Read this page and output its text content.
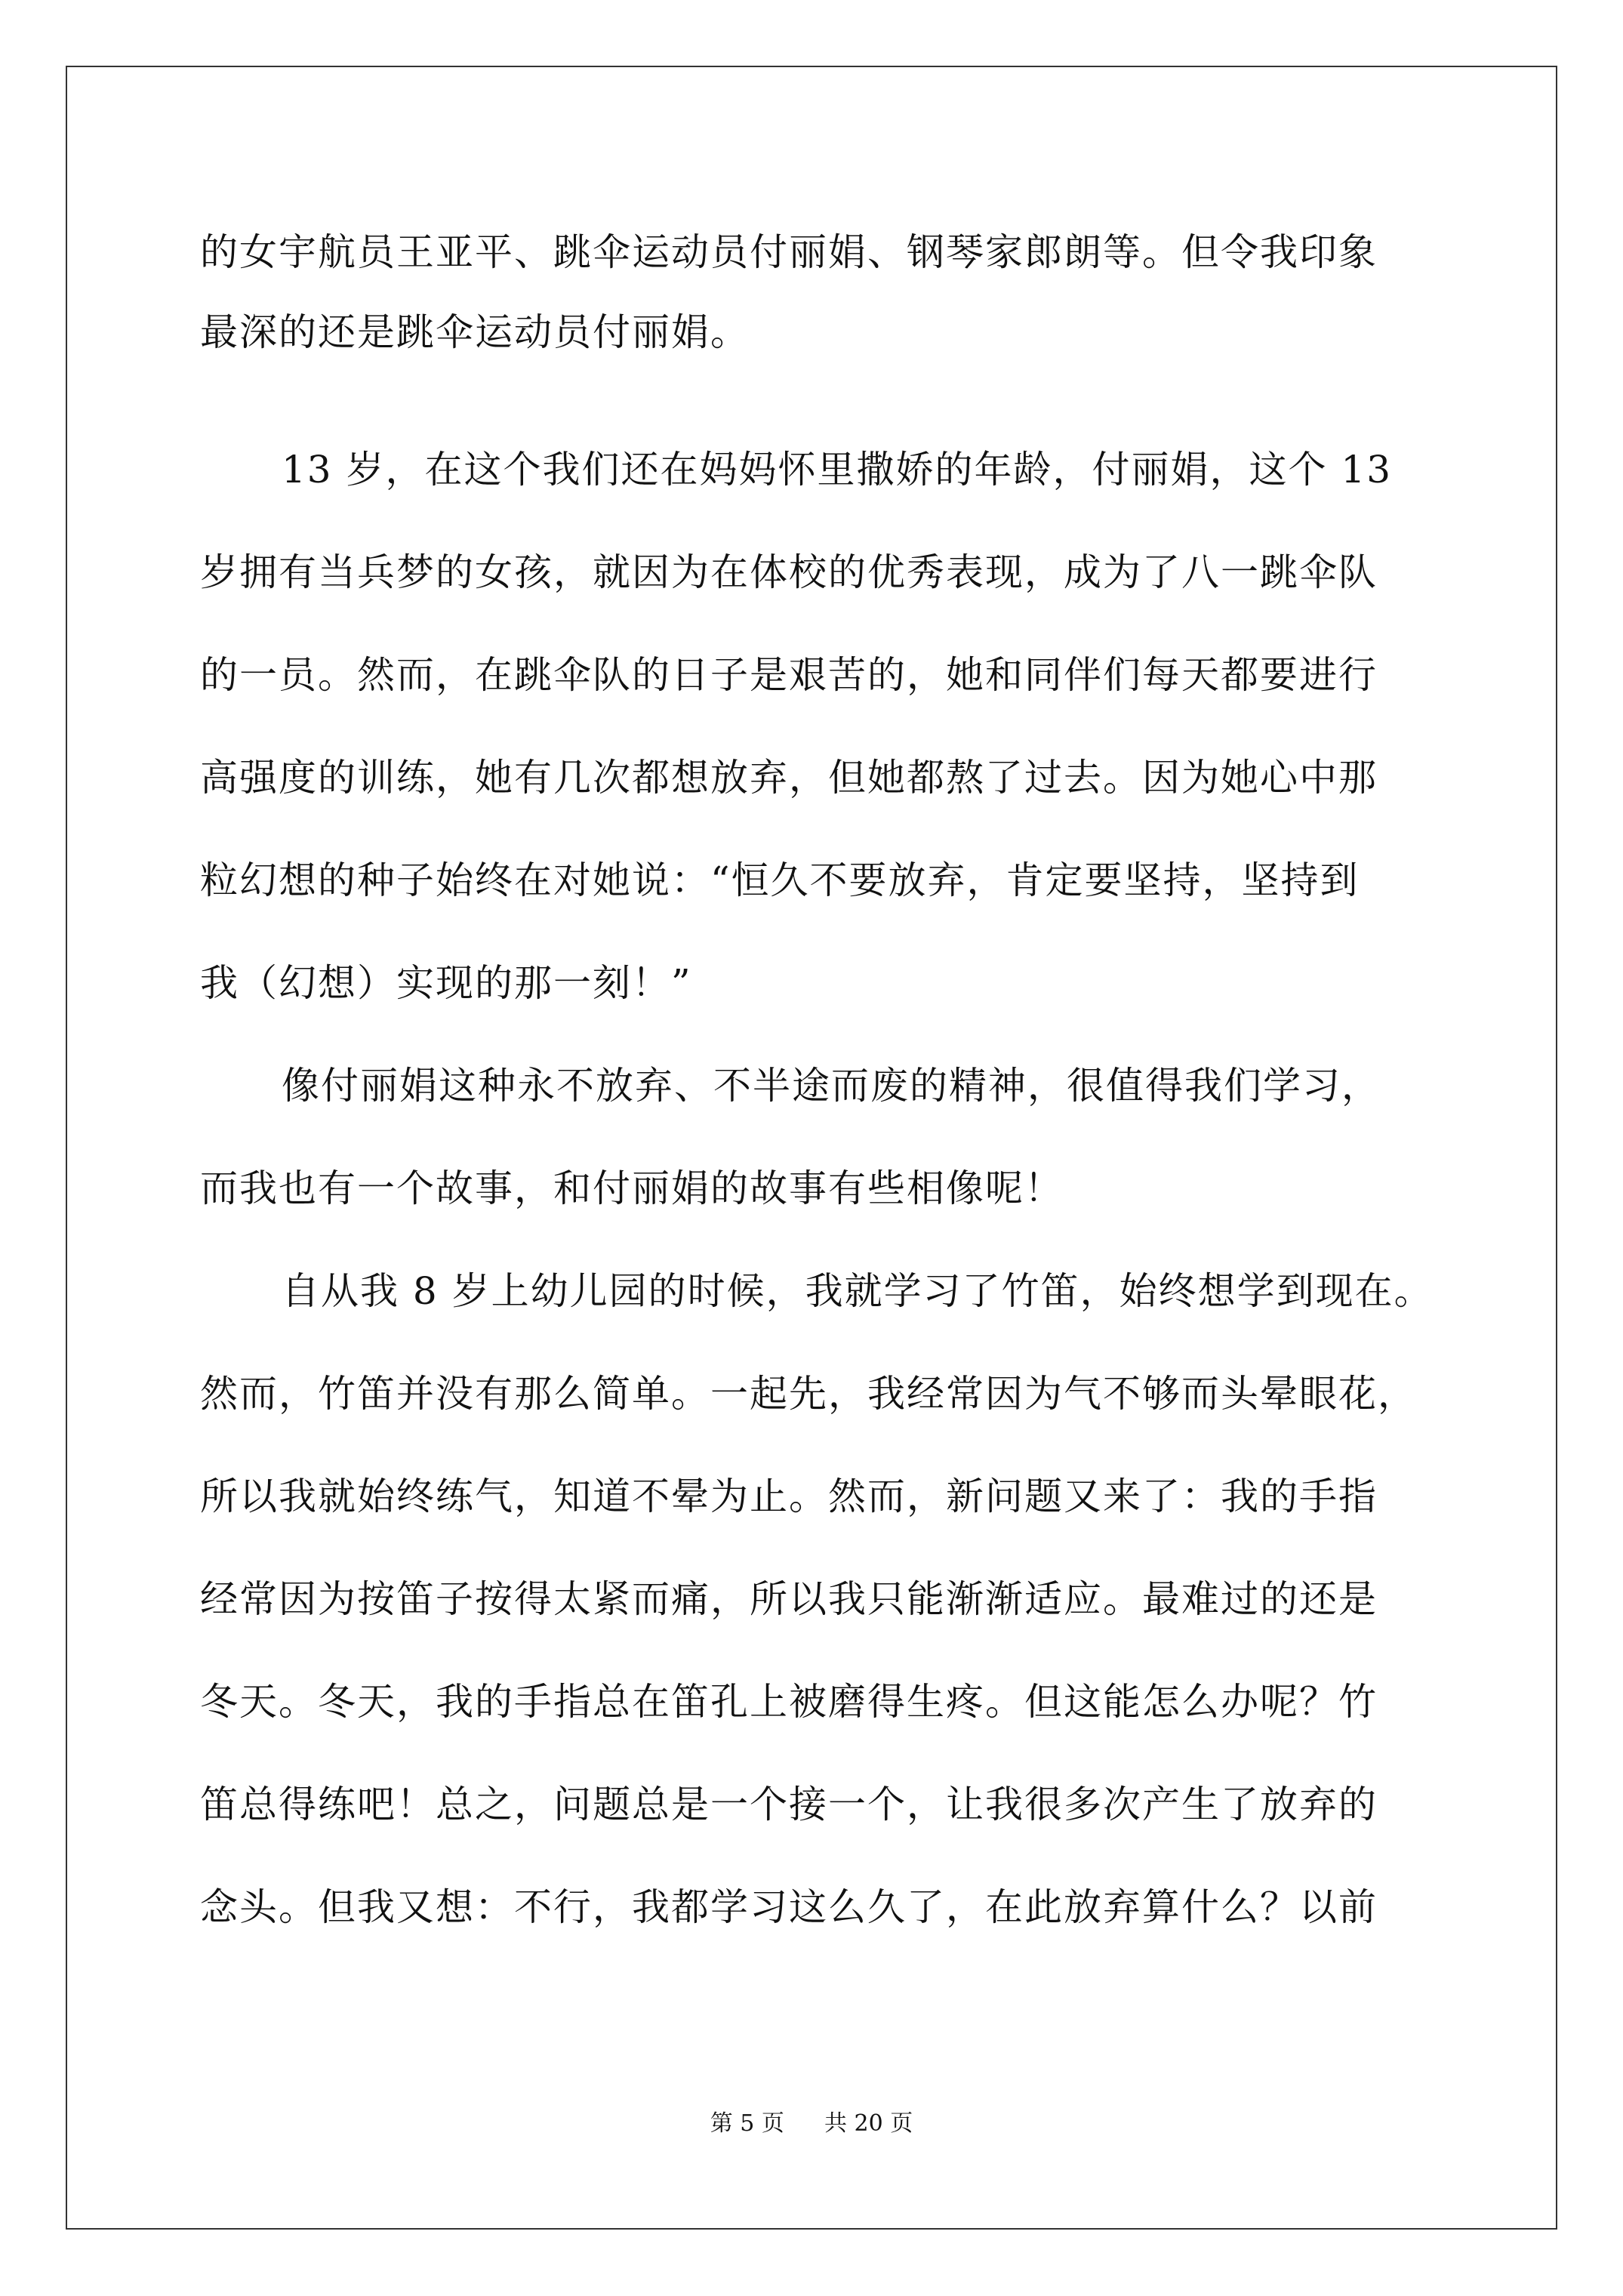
的女宇航员王亚平、跳伞运动员付丽娟、钢琴家郎朗等。但令我印象
最深的还是跳伞运动员付丽娟。
13 岁，在这个我们还在妈妈怀里撒娇的年龄，付丽娟，这个 13
岁拥有当兵梦的女孩，就因为在体校的优秀表现，成为了八一跳伞队
的一员。然而，在跳伞队的日子是艰苦的，她和同伴们每天都要进行
高强度的训练，她有几次都想放弃，但她都熬了过去。因为她心中那
粒幻想的种子始终在对她说：“恒久不要放弃，肯定要坚持，坚持到
我（幻想）实现的那一刻！”
像付丽娟这种永不放弃、不半途而废的精神，很值得我们学习，
而我也有一个故事，和付丽娟的故事有些相像呢！
自从我 8 岁上幼儿园的时候，我就学习了竹笛，始终想学到现在。
然而，竹笛并没有那么简单。一起先，我经常因为气不够而头晕眼花，
所以我就始终练气，知道不晕为止。然而，新问题又来了：我的手指
经常因为按笛子按得太紧而痛，所以我只能渐渐适应。最难过的还是
冬天。冬天，我的手指总在笛孔上被磨得生疼。但这能怎么办呢？竹
笛总得练吧！总之，问题总是一个接一个，让我很多次产生了放弃的
念头。但我又想：不行，我都学习这么久了，在此放弃算什么？以前
第 5 页 共 20 页
